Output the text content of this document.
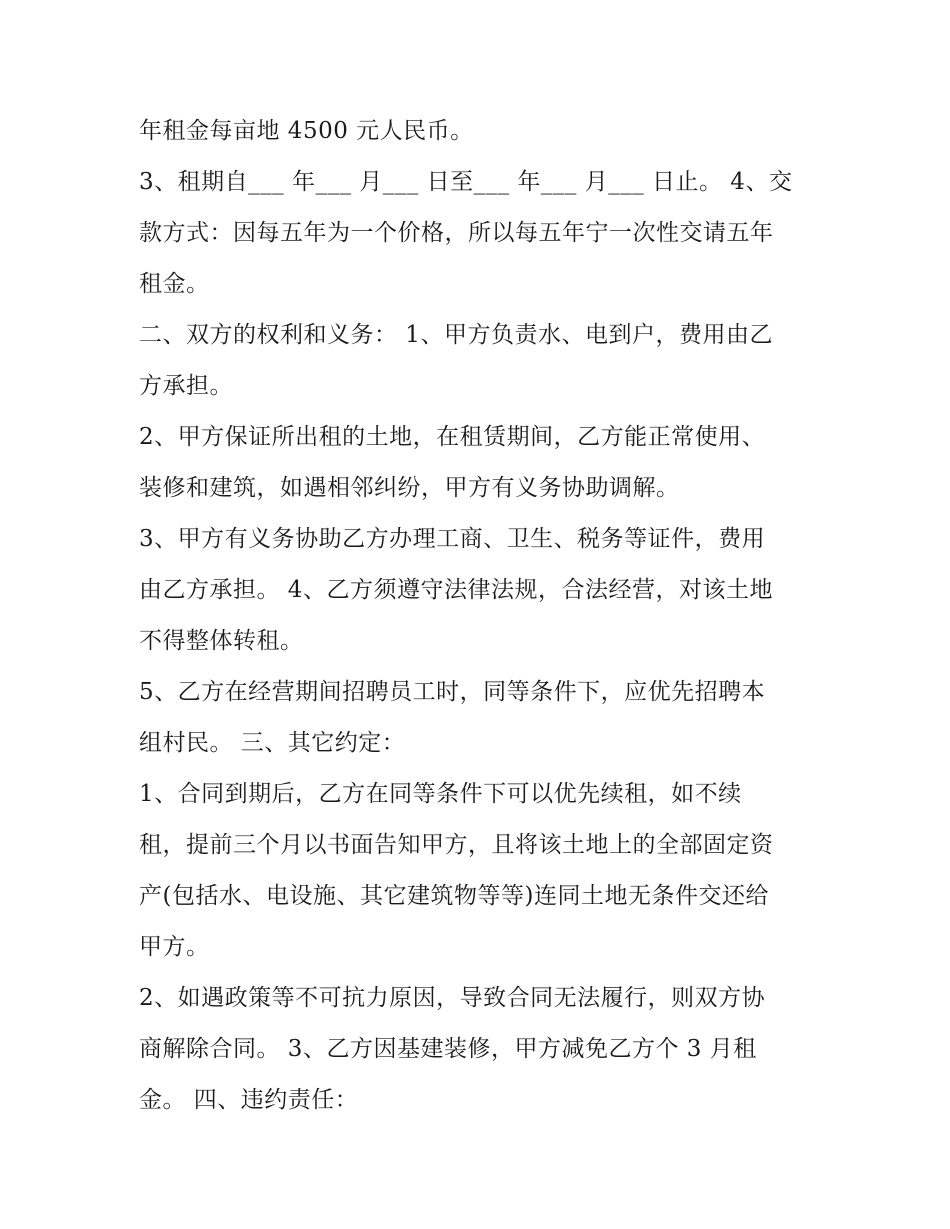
年租金每亩地 4500 元人民币。
3、租期自___ 年___ 月___ 日至___ 年___ 月___ 日止。 4、交
款方式：因每五年为一个价格，所以每五年宁一次性交请五年
租金。
二、双方的权利和义务： 1、甲方负责水、电到户，费用由乙
方承担。
2、甲方保证所出租的土地，在租赁期间，乙方能正常使用、
装修和建筑，如遇相邻纠纷，甲方有义务协助调解。
3、甲方有义务协助乙方办理工商、卫生、税务等证件，费用
由乙方承担。 4、乙方须遵守法律法规，合法经营，对该土地
不得整体转租。
5、乙方在经营期间招聘员工时，同等条件下，应优先招聘本
组村民。 三、其它约定：
1、合同到期后，乙方在同等条件下可以优先续租，如不续
租，提前三个月以书面告知甲方，且将该土地上的全部固定资
产(包括水、电设施、其它建筑物等等)连同土地无条件交还给
甲方。
2、如遇政策等不可抗力原因，导致合同无法履行，则双方协
商解除合同。 3、乙方因基建装修，甲方减免乙方个 3 月租
金。 四、违约责任：
